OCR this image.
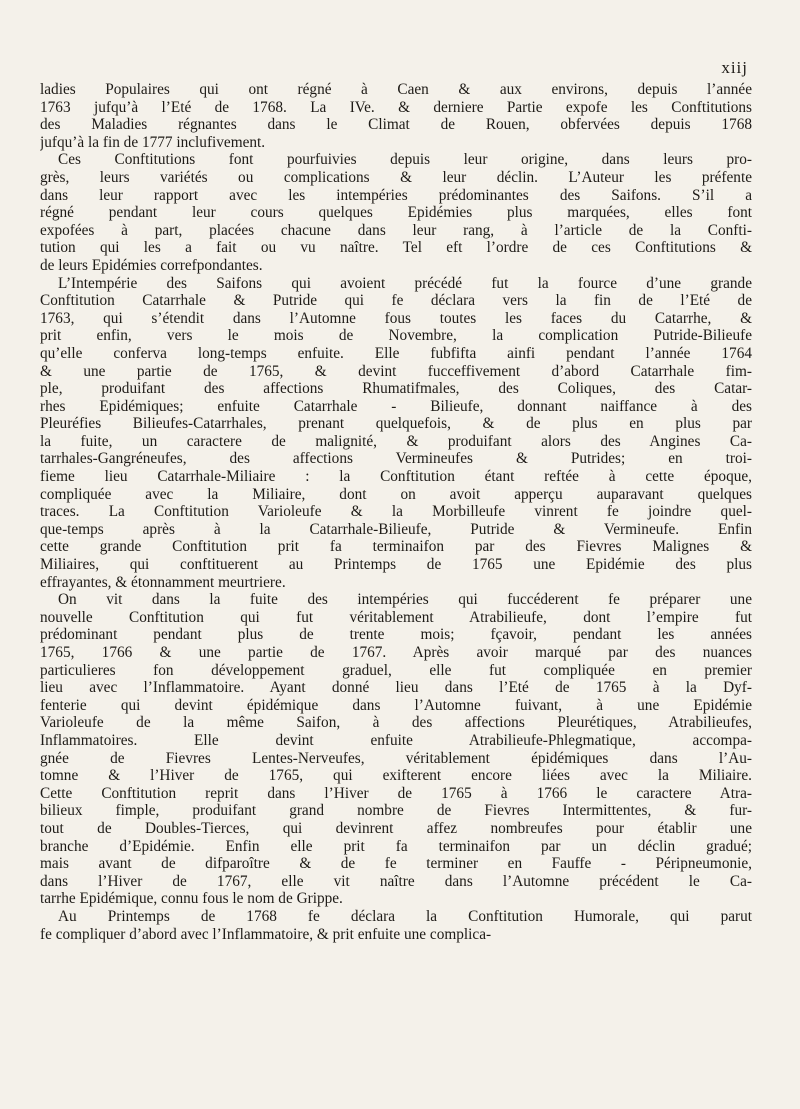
xiij
ladies Populaires qui ont régné à Caen & aux environs, depuis l’année
1763 jufqu’à l’Eté de 1768. La IVe. & derniere Partie expofe les Conftitutions
des Maladies régnantes dans le Climat de Rouen, obfervées depuis 1768
jufqu’à la fin de 1777 inclufivement.
Ces Conftitutions font pourfuivies depuis leur origine, dans leurs pro-
grès, leurs variétés ou complications & leur déclin. L’Auteur les préfente
dans leur rapport avec les intempéries prédominantes des Saifons. S’il a
régné pendant leur cours quelques Epidémies plus marquées, elles font
expofées à part, placées chacune dans leur rang, à l’article de la Confti-
tution qui les a fait ou vu naître. Tel eft l’ordre de ces Conftitutions &
de leurs Epidémies correfpondantes.
L’Intempérie des Saifons qui avoient précédé fut la fource d’une grande
Conftitution Catarrhale & Putride qui fe déclara vers la fin de l’Eté de
1763, qui s’étendit dans l’Automne fous toutes les faces du Catarrhe, &
prit enfin, vers le mois de Novembre, la complication Putride-Bilieufe
qu’elle conferva long-temps enfuite. Elle fubfifta ainfi pendant l’année 1764
& une partie de 1765, & devint fucceffivement d’abord Catarrhale fim-
ple, produifant des affections Rhumatifmales, des Coliques, des Catar-
rhes Epidémiques; enfuite Catarrhale - Bilieufe, donnant naiffance à des
Pleuréfies Bilieufes-Catarrhales, prenant quelquefois, & de plus en plus par
la fuite, un caractere de malignité, & produifant alors des Angines Ca-
tarrhales-Gangréneufes, des affections Vermineufes & Putrides; en troi-
fieme lieu Catarrhale-Miliaire : la Conftitution étant reftée à cette époque,
compliquée avec la Miliaire, dont on avoit apperçu auparavant quelques
traces. La Conftitution Varioleufe & la Morbilleufe vinrent fe joindre quel-
que-temps après à la Catarrhale-Bilieufe, Putride & Vermineufe. Enfin
cette grande Conftitution prit fa terminaifon par des Fievres Malignes &
Miliaires, qui conftituerent au Printemps de 1765 une Epidémie des plus
effrayantes, & étonnamment meurtriere.
On vit dans la fuite des intempéries qui fuccéderent fe préparer une
nouvelle Conftitution qui fut véritablement Atrabilieufe, dont l’empire fut
prédominant pendant plus de trente mois; fçavoir, pendant les années
1765, 1766 & une partie de 1767. Après avoir marqué par des nuances
particulieres fon développement graduel, elle fut compliquée en premier
lieu avec l’Inflammatoire. Ayant donné lieu dans l’Eté de 1765 à la Dyf-
fenterie qui devint épidémique dans l’Automne fuivant, à une Epidémie
Varioleufe de la même Saifon, à des affections Pleurétiques, Atrabilieufes,
Inflammatoires. Elle devint enfuite Atrabilieufe-Phlegmatique, accompa-
gnée de Fievres Lentes-Nerveufes, véritablement épidémiques dans l’Au-
tomne & l’Hiver de 1765, qui exifterent encore liées avec la Miliaire.
Cette Conftitution reprit dans l’Hiver de 1765 à 1766 le caractere Atra-
bilieux fimple, produifant grand nombre de Fievres Intermittentes, & fur-
tout de Doubles-Tierces, qui devinrent affez nombreufes pour établir une
branche d’Epidémie. Enfin elle prit fa terminaifon par un déclin gradué;
mais avant de difparoître & de fe terminer en Fauffe - Péripneumonie,
dans l’Hiver de 1767, elle vit naître dans l’Automne précédent le Ca-
tarrhe Epidémique, connu fous le nom de Grippe.
Au Printemps de 1768 fe déclara la Conftitution Humorale, qui parut
fe compliquer d’abord avec l’Inflammatoire, & prit enfuite une complica-
